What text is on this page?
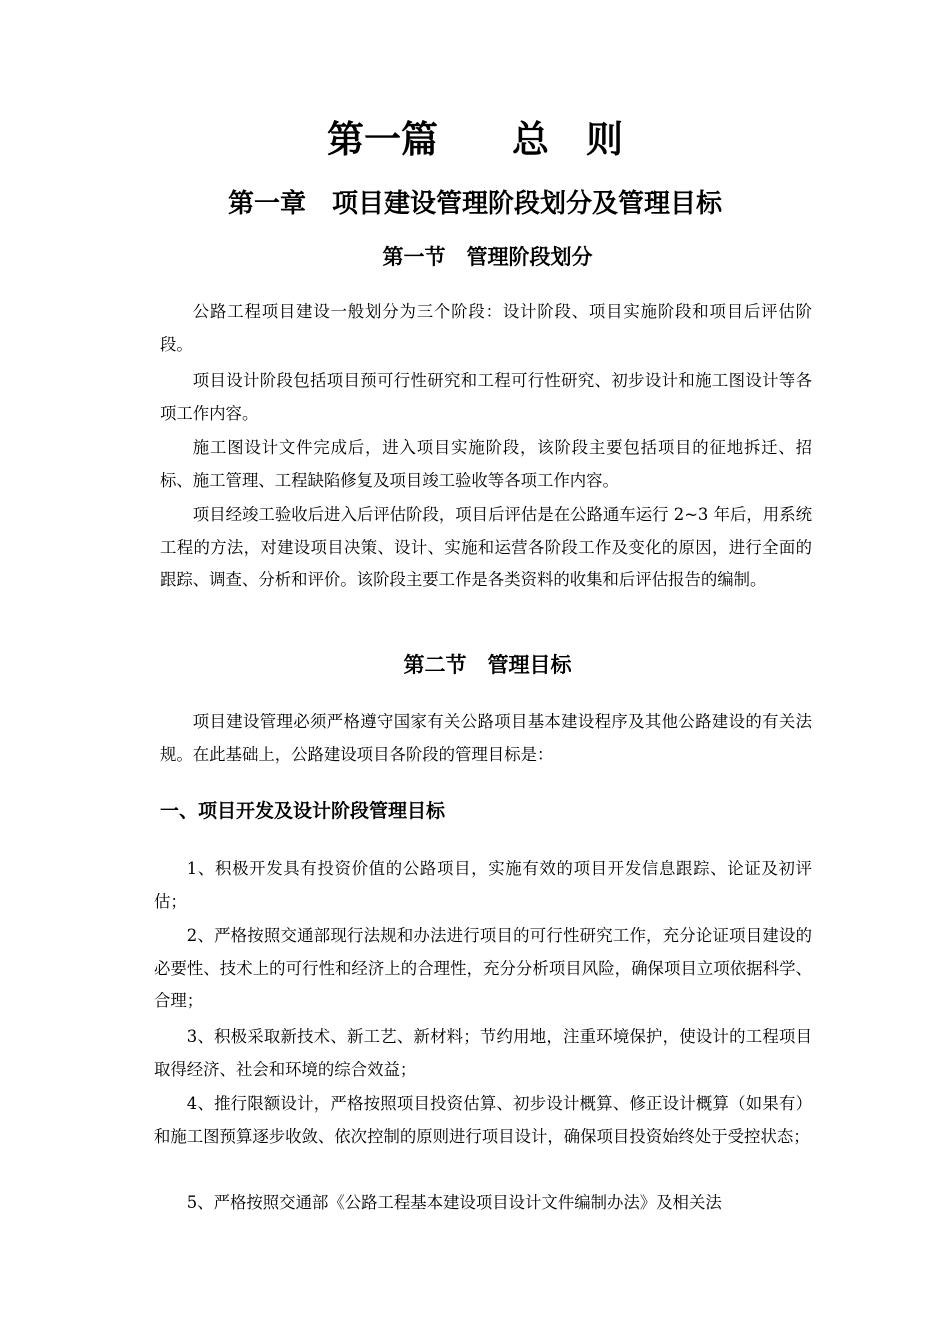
第一篇　　总　则
第一章　项目建设管理阶段划分及管理目标
第一节　管理阶段划分

公路工程项目建设一般划分为三个阶段：设计阶段、项目实施阶段和项目后评估阶段。

项目设计阶段包括项目预可行性研究和工程可行性研究、初步设计和施工图设计等各项工作内容。

施工图设计文件完成后，进入项目实施阶段，该阶段主要包括项目的征地拆迁、招标、施工管理、工程缺陷修复及项目竣工验收等各项工作内容。

项目经竣工验收后进入后评估阶段，项目后评估是在公路通车运行 2~3 年后，用系统工程的方法，对建设项目决策、设计、实施和运营各阶段工作及变化的原因，进行全面的跟踪、调查、分析和评价。该阶段主要工作是各类资料的收集和后评估报告的编制。

第二节　管理目标

项目建设管理必须严格遵守国家有关公路项目基本建设程序及其他公路建设的有关法规。在此基础上，公路建设项目各阶段的管理目标是：

一、项目开发及设计阶段管理目标

1、积极开发具有投资价值的公路项目，实施有效的项目开发信息跟踪、论证及初评估；

2、严格按照交通部现行法规和办法进行项目的可行性研究工作，充分论证项目建设的必要性、技术上的可行性和经济上的合理性，充分分析项目风险，确保项目立项依据科学、合理；

3、积极采取新技术、新工艺、新材料；节约用地，注重环境保护，使设计的工程项目取得经济、社会和环境的综合效益；

4、推行限额设计，严格按照项目投资估算、初步设计概算、修正设计概算（如果有）和施工图预算逐步收敛、依次控制的原则进行项目设计，确保项目投资始终处于受控状态；

5、严格按照交通部《公路工程基本建设项目设计文件编制办法》及相关法
